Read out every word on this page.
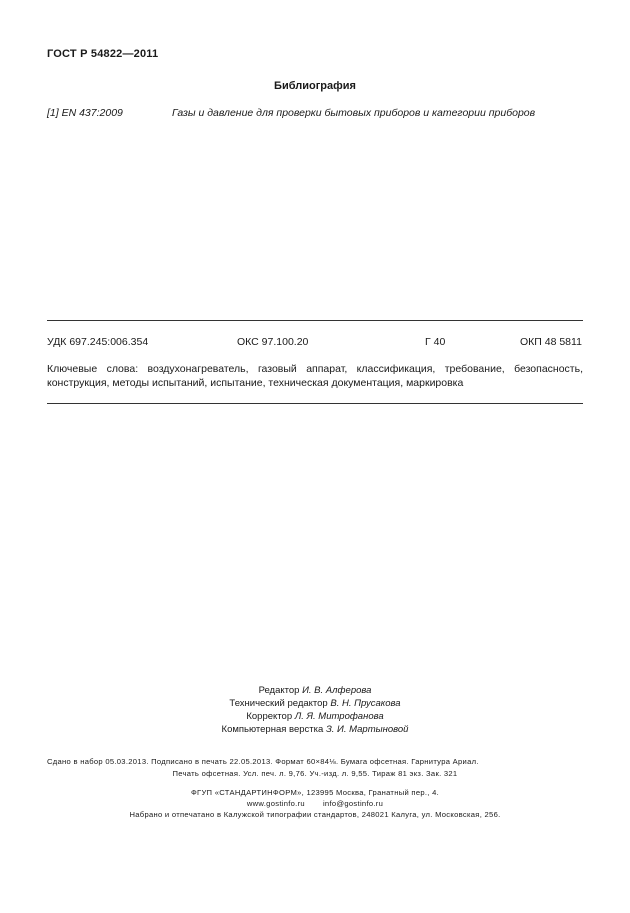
ГОСТ Р 54822—2011
Библиография
[1] EN 437:2009	Газы и давление для проверки бытовых приборов и категории приборов
УДК 697.245:006.354	ОКС 97.100.20	Г 40	ОКП 48 5811
Ключевые слова: воздухонагреватель, газовый аппарат, классификация, требование, безопасность, конструкция, методы испытаний, испытание, техническая документация, маркировка
Редактор И. В. Алферова
Технический редактор В. Н. Прусакова
Корректор Л. Я. Митрофанова
Компьютерная верстка З. И. Мартыновой
Сдано в набор 05.03.2013. Подписано в печать 22.05.2013. Формат 60×84⅛. Бумага офсетная. Гарнитура Ариал.
Печать офсетная. Усл. печ. л. 9,76. Уч.-изд. л. 9,55. Тираж 81 экз. Зак. 321
ФГУП «СТАНДАРТИНФОРМ», 123995 Москва, Гранатный пер., 4.
www.gostinfo.ru info@gostinfo.ru
Набрано и отпечатано в Калужской типографии стандартов, 248021 Калуга, ул. Московская, 256.
